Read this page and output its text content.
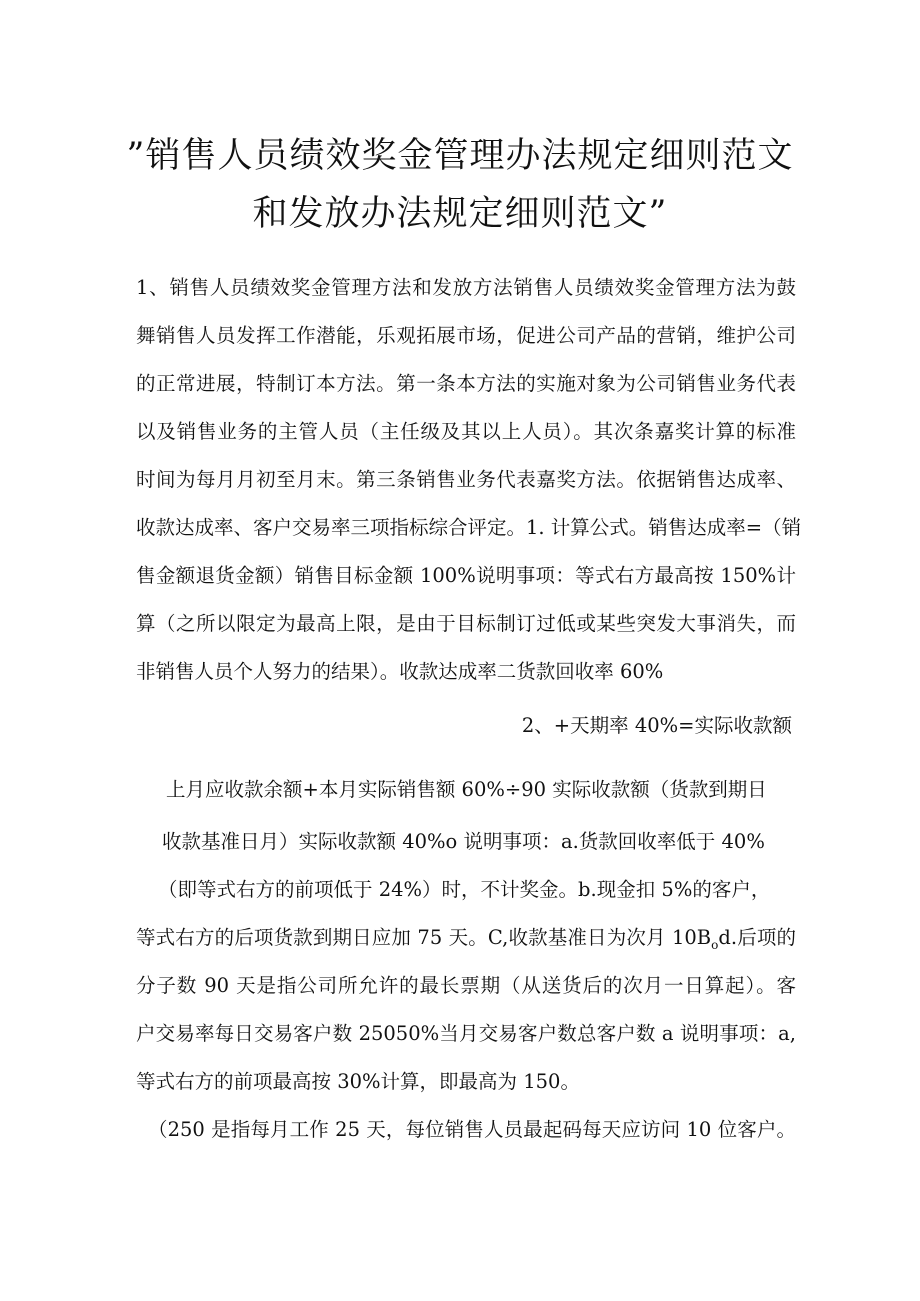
”销售人员绩效奖金管理办法规定细则范文
和发放办法规定细则范文”
1、销售人员绩效奖金管理方法和发放方法销售人员绩效奖金管理方法为鼓
舞销售人员发挥工作潜能，乐观拓展市场，促进公司产品的营销，维护公司
的正常进展，特制订本方法。第一条本方法的实施对象为公司销售业务代表
以及销售业务的主管人员（主任级及其以上人员）。其次条嘉奖计算的标准
时间为每月月初至月末。第三条销售业务代表嘉奖方法。依据销售达成率、
收款达成率、客户交易率三项指标综合评定。1. 计算公式。销售达成率=（销
售金额退货金额）销售目标金额 100%说明事项：等式右方最高按 150%计
算（之所以限定为最高上限，是由于目标制订过低或某些突发大事消失，而
非销售人员个人努力的结果）。收款达成率二货款回收率 60%
2、+天期率 40%=实际收款额
上月应收款余额+本月实际销售额 60%÷90 实际收款额（货款到期日
收款基准日月）实际收款额 40%o 说明事项：a.货款回收率低于 40%
（即等式右方的前项低于 24%）时，不计奖金。b.现金扣 5%的客户，
等式右方的后项货款到期日应加 75 天。C,收款基准日为次月 $10B_od$.后项的
分子数 90 天是指公司所允许的最长票期（从送货后的次月一日算起）。客
户交易率每日交易客户数 25050%当月交易客户数总客户数 a 说明事项：a,
等式右方的前项最高按 30%计算，即最高为 150。
（250 是指每月工作 25 天，每位销售人员最起码每天应访问 10 位客户。
